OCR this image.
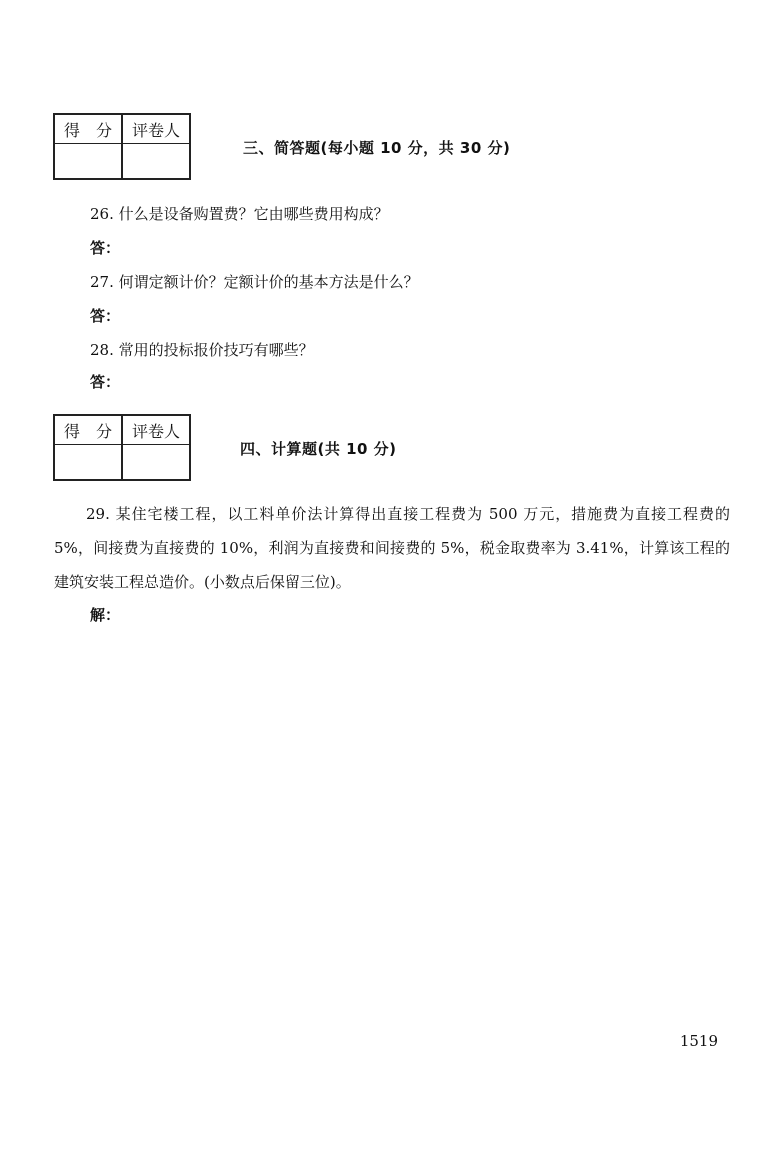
得　分	评卷人

三、简答题(每小题 10 分，共 30 分)
26. 什么是设备购置费？它由哪些费用构成？
答：
27. 何谓定额计价？定额计价的基本方法是什么？
答：
28. 常用的投标报价技巧有哪些？
答：
得　分	评卷人

四、计算题(共 10 分)

29. 某住宅楼工程，以工料单价法计算得出直接工程费为 500 万元，措施费为直接工程费的 5%，间接费为直接费的 10%，利润为直接费和间接费的 5%，税金取费率为 3.41%，计算该工程的建筑安装工程总造价。(小数点后保留三位)。

解：
1519
